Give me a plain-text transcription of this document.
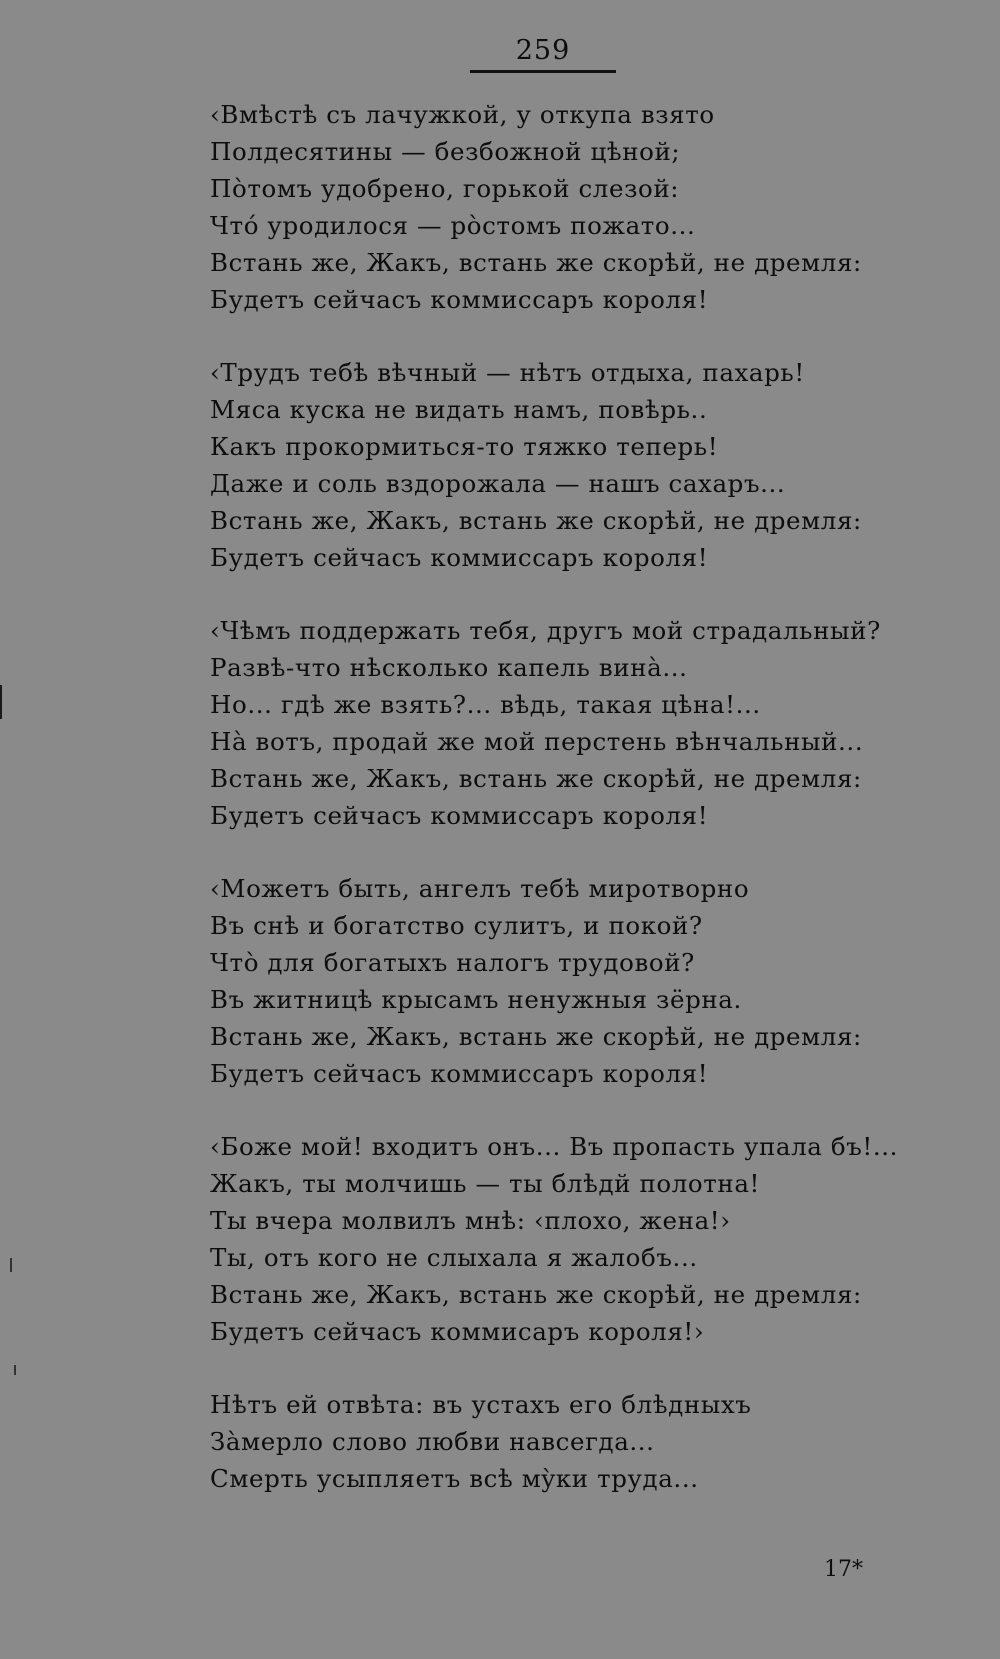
259
‹Вмѣстѣ съ лачужкой, у откупа взято
Полдесятины — безбожной цѣной;
Пòтомъ удобрено, горькой слезой:
Чтó уродилося — рòстомъ пожато...
Встань же, Жакъ, встань же скорѣй, не дремля:
Будетъ сейчасъ коммиссаръ короля!
‹Трудъ тебѣ вѣчный — нѣтъ отдыха, пахарь!
Мяса куска не видать намъ, повѣрь..
Какъ прокормиться-то тяжко теперь!
Даже и соль вздорожала — нашъ сахаръ...
Встань же, Жакъ, встань же скорѣй, не дремля:
Будетъ сейчасъ коммиссаръ короля!
‹Чѣмъ поддержать тебя, другъ мой страдальный?
Развѣ-что нѣсколько капель винà...
Но... гдѣ же взять?... вѣдь, такая цѣна!...
Нà вотъ, продай же мой перстень вѣнчальный...
Встань же, Жакъ, встань же скорѣй, не дремля:
Будетъ сейчасъ коммиссаръ короля!
‹Можетъ быть, ангелъ тебѣ миротворно
Въ снѣ и богатство сулитъ, и покой?
Чтò для богатыхъ налогъ трудовой?
Въ житницѣ крысамъ ненужныя зёрна.
Встань же, Жакъ, встань же скорѣй, не дремля:
Будетъ сейчасъ коммиссаръ короля!
‹Боже мой! входитъ онъ... Въ пропасть упала бъ!...
Жакъ, ты молчишь — ты блѣдй полотна!
Ты вчера молвилъ мнѣ: ‹плохо, жена!›
Ты, отъ кого не слыхала я жалобъ...
Встань же, Жакъ, встань же скорѣй, не дремля:
Будетъ сейчасъ коммисаръ короля!›
Нѣтъ ей отвѣта: въ устахъ его блѣдныхъ
Зàмерло слово любви навсегда...
Смерть усыпляетъ всѣ мỳки труда...
17*
